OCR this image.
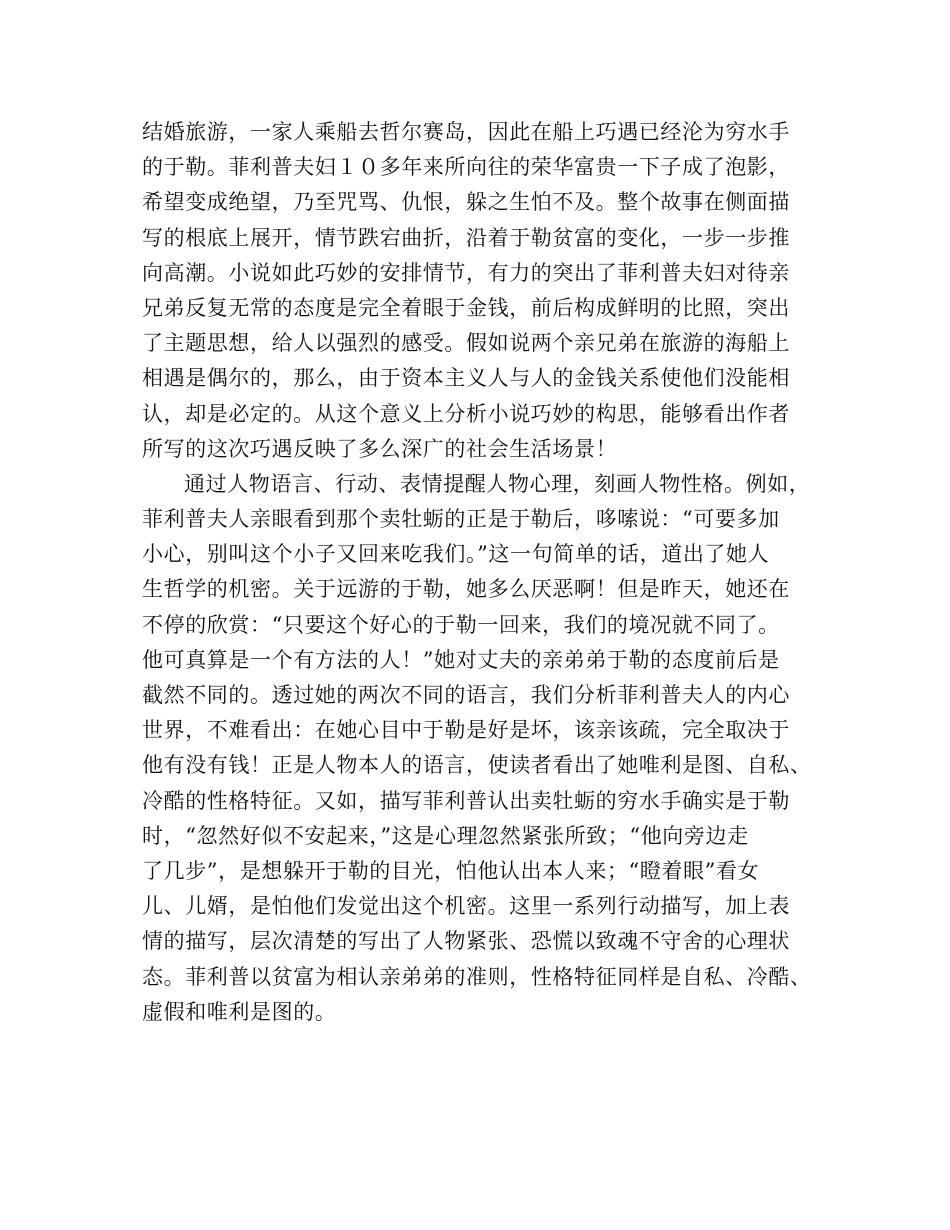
结婚旅游，一家人乘船去哲尔赛岛，因此在船上巧遇已经沦为穷水手
的于勒。菲利普夫妇１０多年来所向往的荣华富贵一下子成了泡影，
希望变成绝望，乃至咒骂、仇恨，躲之生怕不及。整个故事在侧面描
写的根底上展开，情节跌宕曲折，沿着于勒贫富的变化，一步一步推
向高潮。小说如此巧妙的安排情节，有力的突出了菲利普夫妇对待亲
兄弟反复无常的态度是完全着眼于金钱，前后构成鲜明的比照，突出
了主题思想，给人以强烈的感受。假如说两个亲兄弟在旅游的海船上
相遇是偶尔的，那么，由于资本主义人与人的金钱关系使他们没能相
认，却是必定的。从这个意义上分析小说巧妙的构思，能够看出作者
所写的这次巧遇反映了多么深广的社会生活场景！
通过人物语言、行动、表情提醒人物心理，刻画人物性格。例如，
菲利普夫人亲眼看到那个卖牡蛎的正是于勒后，哆嗦说：“可要多加
小心，别叫这个小子又回来吃我们。”这一句简单的话，道出了她人
生哲学的机密。关于远游的于勒，她多么厌恶啊！但是昨天，她还在
不停的欣赏：“只要这个好心的于勒一回来，我们的境况就不同了。
他可真算是一个有方法的人！”她对丈夫的亲弟弟于勒的态度前后是
截然不同的。透过她的两次不同的语言，我们分析菲利普夫人的内心
世界，不难看出：在她心目中于勒是好是坏，该亲该疏，完全取决于
他有没有钱！正是人物本人的语言，使读者看出了她唯利是图、自私、
冷酷的性格特征。又如，描写菲利普认出卖牡蛎的穷水手确实是于勒
时，“忽然好似不安起来，”这是心理忽然紧张所致；“他向旁边走
了几步”，是想躲开于勒的目光，怕他认出本人来；“瞪着眼”看女
儿、儿婿，是怕他们发觉出这个机密。这里一系列行动描写，加上表
情的描写，层次清楚的写出了人物紧张、恐慌以致魂不守舍的心理状
态。菲利普以贫富为相认亲弟弟的准则，性格特征同样是自私、冷酷、
虚假和唯利是图的。
